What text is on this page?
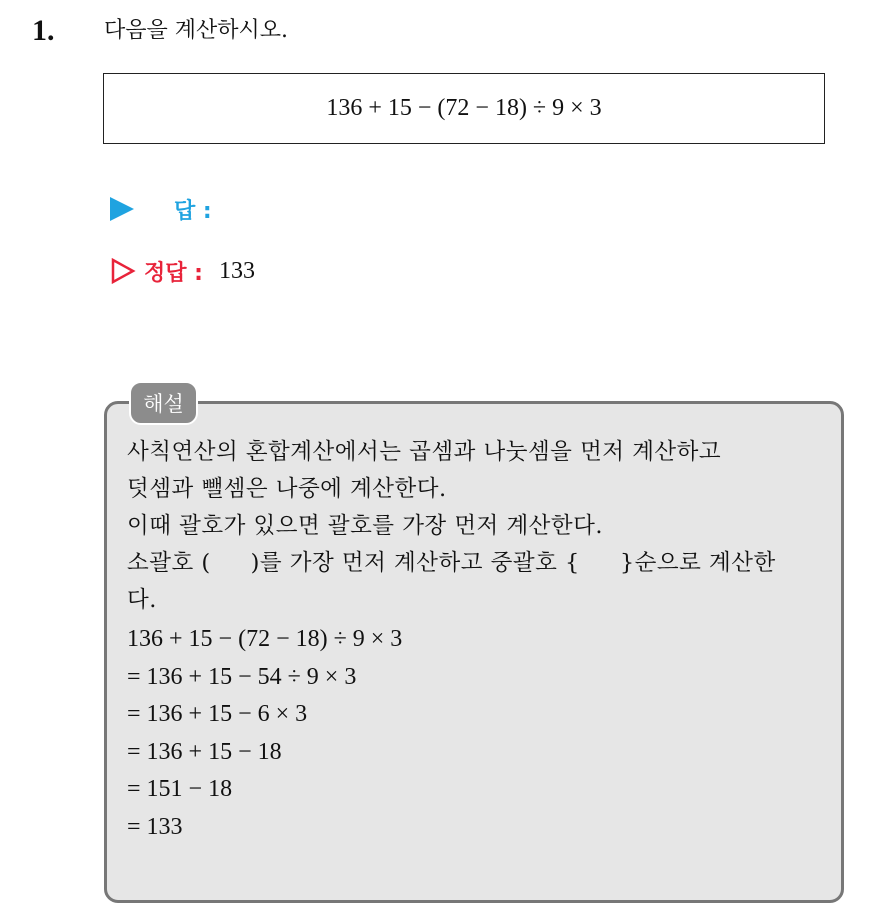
1. 다음을 계산하시오.
136 + 15 − (72 − 18) ÷ 9 × 3
답 :
정답 : 133
해설
사칙연산의 혼합계산에서는 곱셈과 나눗셈을 먼저 계산하고
덧셈과 뺄셈은 나중에 계산한다.
이때 괄호가 있으면 괄호를 가장 먼저 계산한다.
소괄호 ( )를 가장 먼저 계산하고 중괄호 { }순으로 계산한
다.
136 + 15 − (72 − 18) ÷ 9 × 3
= 136 + 15 − 54 ÷ 9 × 3
= 136 + 15 − 6 × 3
= 136 + 15 − 18
= 151 − 18
= 133
